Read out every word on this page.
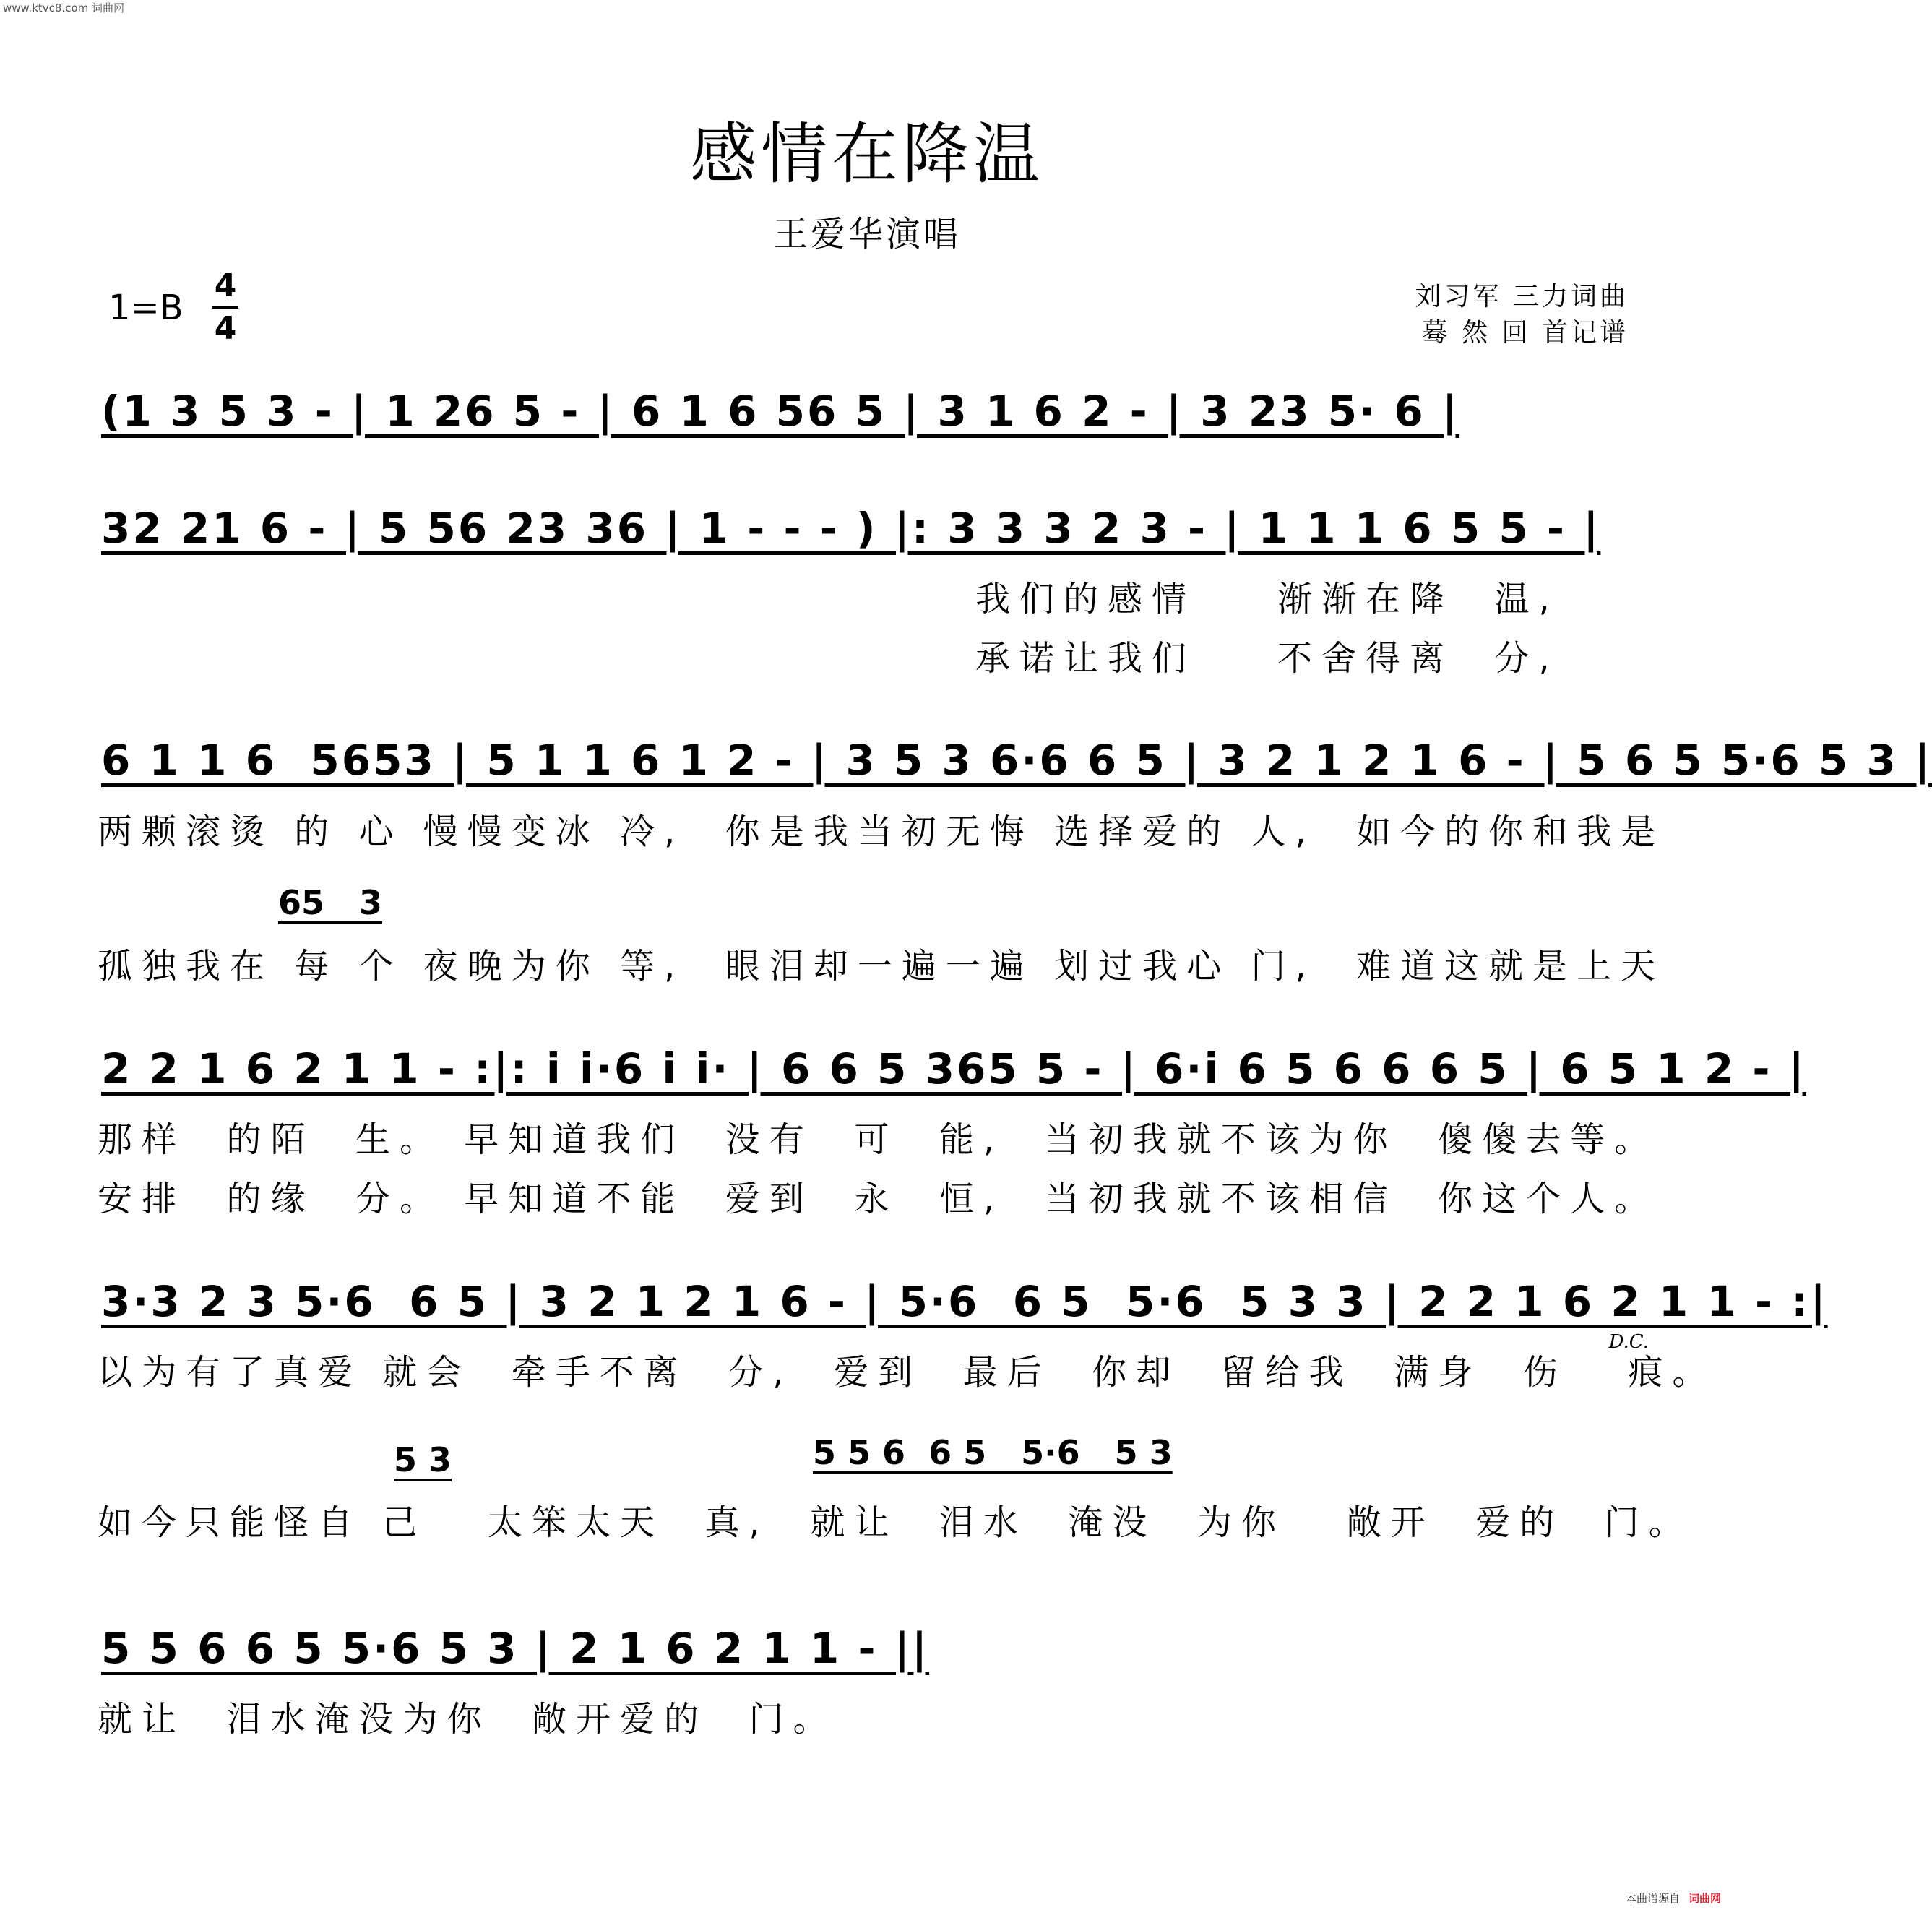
www.ktvc8.com 词曲网
感情在降温
王爱华演唱
1=B
4
4
刘习军 三力词曲
蓦 然 回 首记谱
(1 3 5 3 - | 1 26 5 - | 6 1 6 56 5 | 3 1 6 2 - | 3 23 5· 6 |
32 21 6 - | 5 56 23 36 | 1 - - - ) |: 3 3 3 2 3 - | 1 1 1 6 5 5 - |
我们的感情    渐渐在降  温,
承诺让我们    不舍得离  分,
6 1 1 6  5653 | 5 1 1 6 1 2 - | 3 5 3 6·6 6 5 | 3 2 1 2 1 6 - | 5 6 5 5·6 5 3 |
两颗滚烫 的 心 慢慢变冰 冷,  你是我当初无悔 选择爱的 人,  如今的你和我是
65   3
孤独我在 每 个 夜晚为你 等,  眼泪却一遍一遍 划过我心 门,  难道这就是上天
2 2 1 6 2 1 1 - :|: i i·6 i i· | 6 6 5 365 5 - | 6·i 6 5 6 6 6 5 | 6 5 1 2 - |
那样  的陌  生。 早知道我们  没有  可  能,  当初我就不该为你  傻傻去等。
安排  的缘  分。 早知道不能  爱到  永  恒,  当初我就不该相信  你这个人。
3·3 2 3 5·6  6 5 | 3 2 1 2 1 6 - | 5·6  6 5  5·6  5 3 3 | 2 2 1 6 2 1 1 - :|
D.C.
以为有了真爱 就会  牵手不离  分,  爱到  最后  你却  留给我  满身  伤   痕。
5 3	5 5 6  6 5   5·6   5 3
如今只能怪自 己   太笨太天  真,  就让  泪水  淹没  为你   敞开  爱的  门。
5 5 6 6 5 5·6 5 3 | 2 1 6 2 1 1 - ||
就让  泪水淹没为你  敞开爱的  门。

本曲谱源自 词曲网
